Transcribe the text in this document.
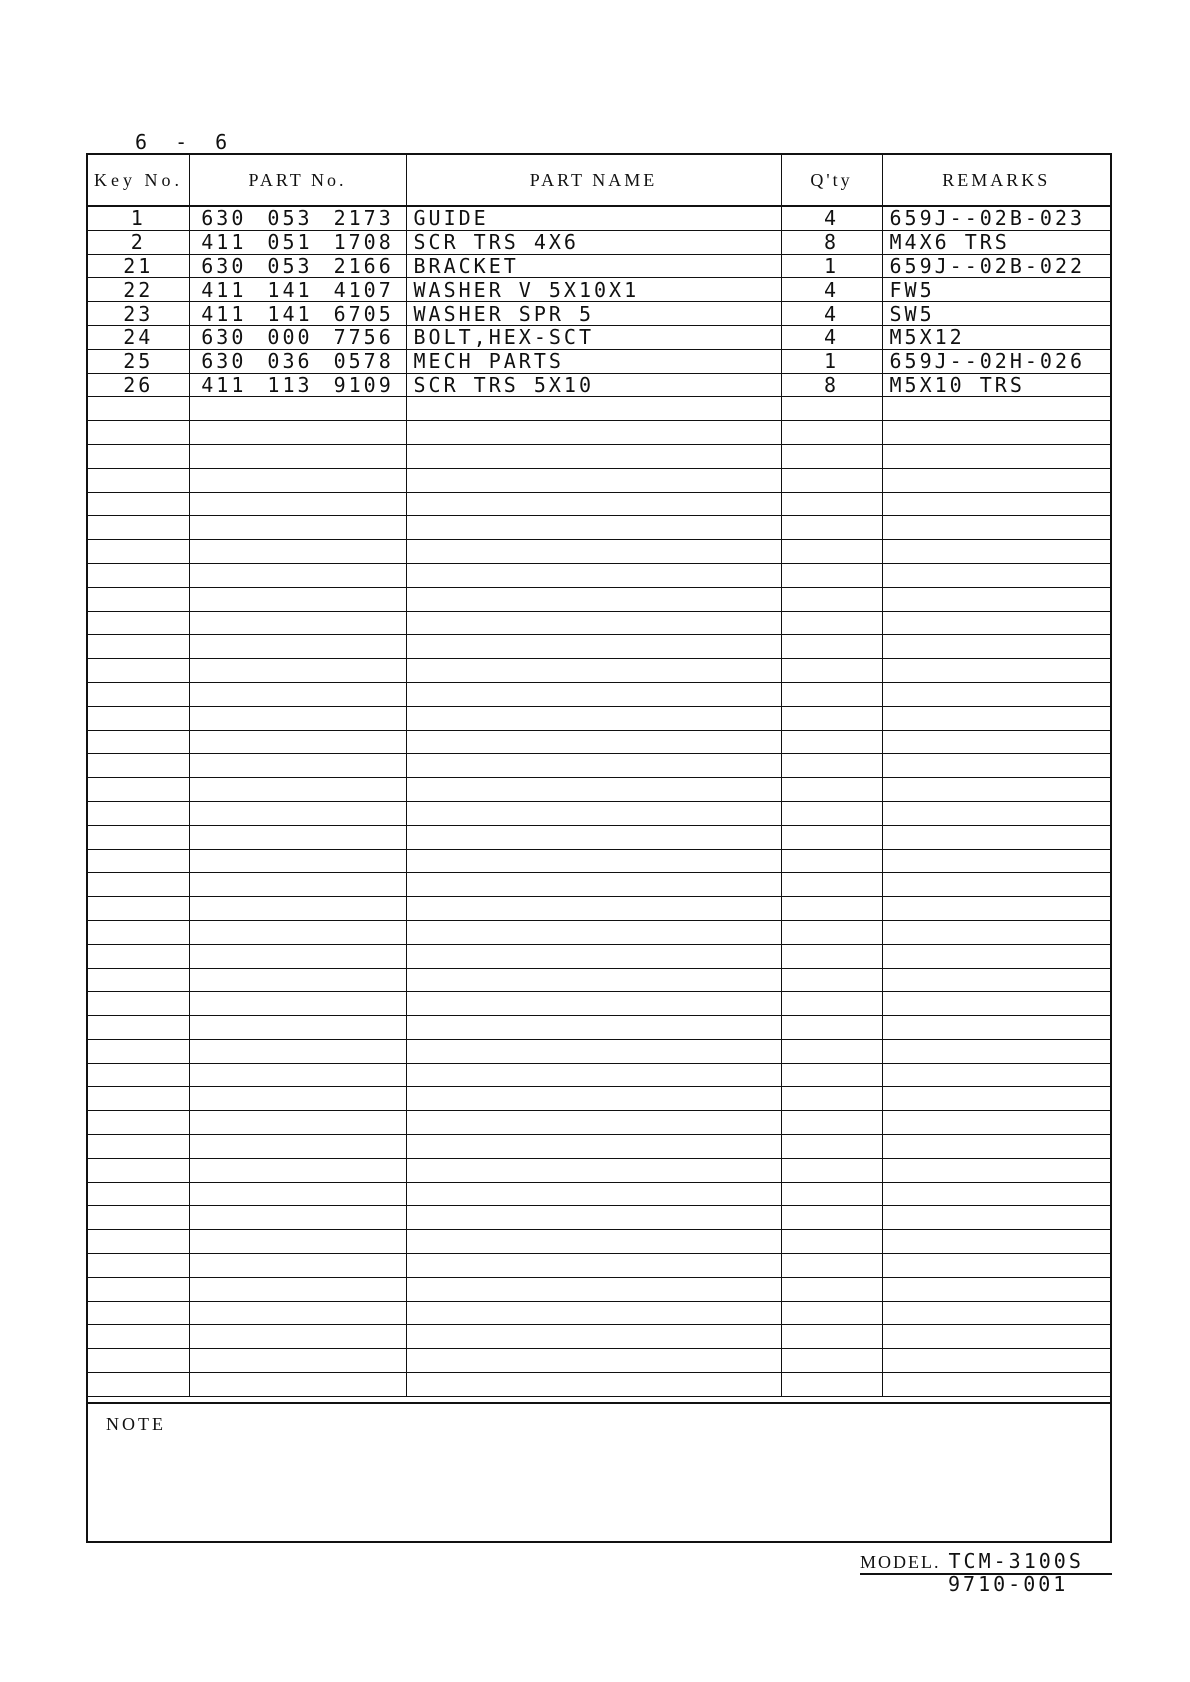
6 - 6
Key No.	PART No.	PART NAME	Q'ty	REMARKS
1	630 053 2173	GUIDE	4	659J--02B-023
2	411 051 1708	SCR TRS 4X6	8	M4X6 TRS
21	630 053 2166	BRACKET	1	659J--02B-022
22	411 141 4107	WASHER V 5X10X1	4	FW5
23	411 141 6705	WASHER SPR 5	4	SW5
24	630 000 7756	BOLT,HEX-SCT	4	M5X12
25	630 036 0578	MECH PARTS	1	659J--02H-026
26	411 113 9109	SCR TRS 5X10	8	M5X10 TRS

NOTE
MODEL. TCM-3100S
9710-001
